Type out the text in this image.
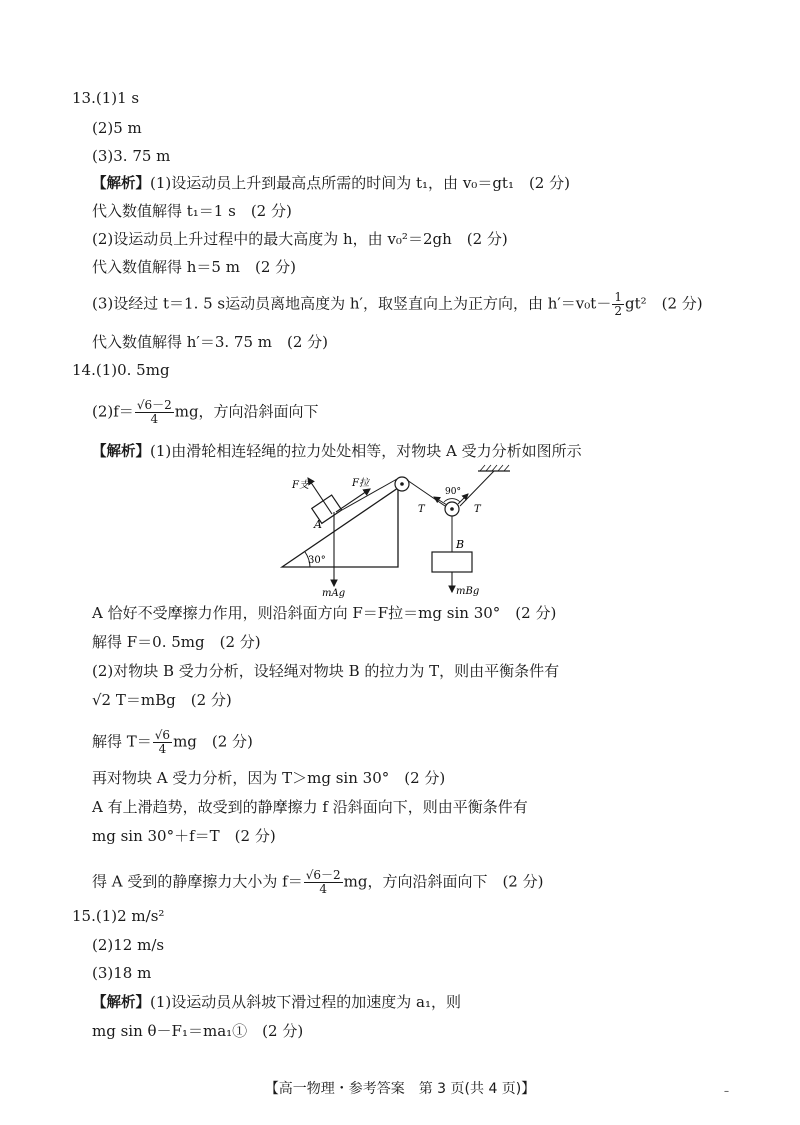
13.(1)1 s
(2)5 m
(3)3. 75 m
【解析】(1)设运动员上升到最高点所需的时间为 t₁，由 v₀＝gt₁　(2 分)
代入数值解得 t₁＝1 s　(2 分)
(2)设运动员上升过程中的最大高度为 h，由 v₀²＝2gh　(2 分)
代入数值解得 h＝5 m　(2 分)
(3)设经过 t＝1. 5 s运动员离地高度为 h′，取竖直向上为正方向，由 $h'=v_0t- \frac{1}{2} gt^2$　(2 分)
代入数值解得 h′＝3. 75 m　(2 分)
14.(1)0. 5mg
$(2)f= \frac{√6-2}{4}$ mg，方向沿斜面向下
【解析】(1)由滑轮相连轻绳的拉力处处相等，对物块 A 受力分析如图所示
30°
A
F支	F拉
mAg
90°
T	T
B
mBg
A 恰好不受摩擦力作用，则沿斜面方向 F＝F拉＝mg sin 30°　(2 分)
解得 F＝0. 5mg　(2 分)
(2)对物块 B 受力分析，设轻绳对物块 B 的拉力为 T，则由平衡条件有
√2 T＝mBg　(2 分)
解得 $T= \frac{√6}{4}$ mg　(2 分)
再对物块 A 受力分析，因为 T＞mg sin 30°　(2 分)
A 有上滑趋势，故受到的静摩擦力 f 沿斜面向下，则由平衡条件有
mg sin 30°＋f＝T　(2 分)
得 A 受到的静摩擦力大小为 $f= \frac{√6-2}{4}$ mg，方向沿斜面向下　(2 分)
15.(1)2 m/s²
(2)12 m/s
(3)18 m
【解析】(1)设运动员从斜坡下滑过程的加速度为 a₁，则
mg sin θ－F₁＝ma₁①　(2 分)
【高一物理・参考答案　第 3 页(共 4 页)】	–
